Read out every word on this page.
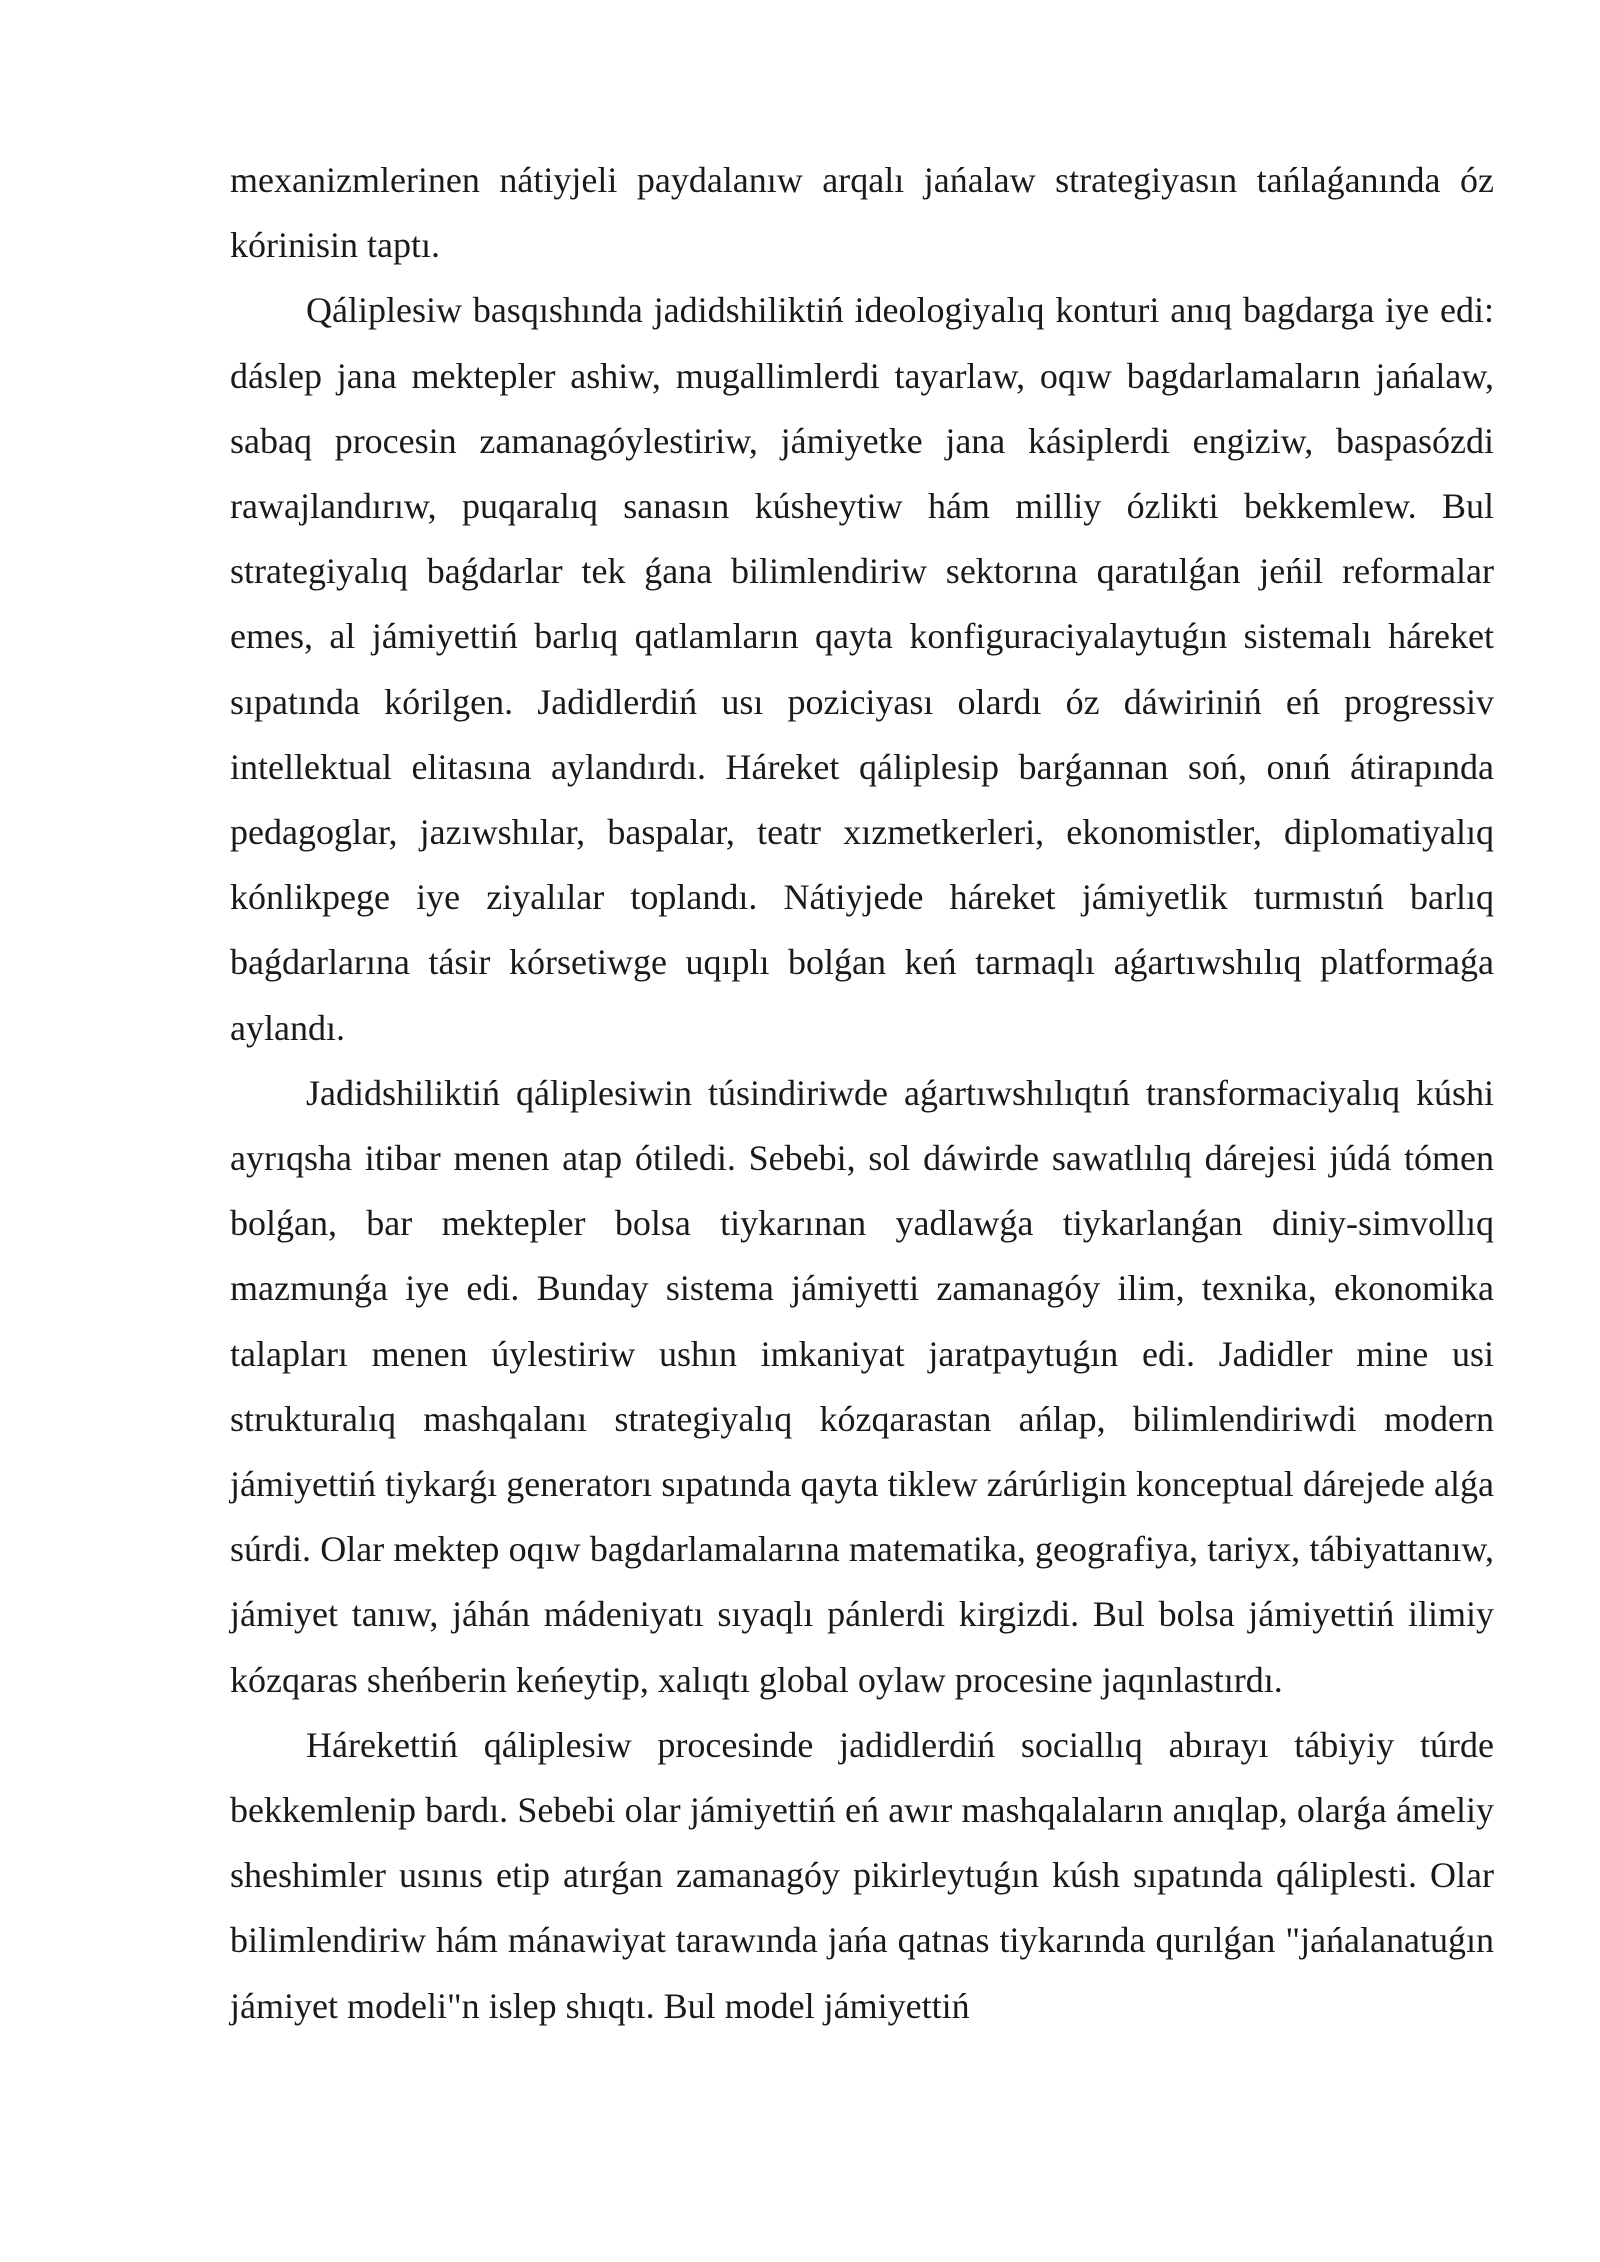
mexanizmlerinen nátiyjeli paydalanıw arqalı jańalaw strategiyasın tańlaǵanında óz kórinisin taptı.

Qáliplesiw basqıshında jadidshiliktiń ideologiyalıq konturi anıq bagdarga iye edi: dáslep jana mektepler ashiw, mugallimlerdi tayarlaw, oqıw bagdarlamaların jańalaw, sabaq procesin zamanagóylestiriw, jámiyetke jana kásiplerdi engiziw, baspasózdi rawajlandırıw, puqaralıq sanasın kúsheytiw hám milliy ózlikti bekkemlew. Bul strategiyalıq baǵdarlar tek ǵana bilimlendiriw sektorına qaratılǵan jeńil reformalar emes, al jámiyettiń barlıq qatlamların qayta konfiguraciyalaytuǵın sistemalı háreket sıpatında kórilgen. Jadidlerdiń usı poziciyası olardı óz dáwiriniń eń progressiv intellektual elitasına aylandırdı. Háreket qáliplesip barǵannan soń, onıń átirapında pedagoglar, jazıwshılar, baspalar, teatr xızmetkerleri, ekonomistler, diplomatiyalıq kónlikpege iye ziyalılar toplandı. Nátiyjede háreket jámiyetlik turmıstıń barlıq baǵdarlarına tásir kórsetiwge uqıplı bolǵan keń tarmaqlı aǵartıwshılıq platformaǵa aylandı.

Jadidshiliktiń qáliplesiwin túsindiriwde aǵartıwshılıqtıń transformaciyalıq kúshi ayrıqsha itibar menen atap ótiledi. Sebebi, sol dáwirde sawatlılıq dárejesi júdá tómen bolǵan, bar mektepler bolsa tiykarınan yadlawǵa tiykarlanǵan diniy-simvollıq mazmunǵa iye edi. Bunday sistema jámiyetti zamanagóy ilim, texnika, ekonomika talapları menen úylestiriw ushın imkaniyat jaratpaytuǵın edi. Jadidler mine usi strukturalıq mashqalanı strategiyalıq kózqarastan ańlap, bilimlendiriwdi modern jámiyettiń tiykarǵı generatorı sıpatında qayta tiklew zárúrligin konceptual dárejede alǵa súrdi. Olar mektep oqıw bagdarlamalarına matematika, geografiya, tariyx, tábiyattanıw, jámiyet tanıw, jáhán mádeniyatı sıyaqlı pánlerdi kirgizdi. Bul bolsa jámiyettiń ilimiy kózqaras sheńberin keńeytip, xalıqtı global oylaw procesine jaqınlastırdı.

Hárekettiń qáliplesiw procesinde jadidlerdiń sociallıq abırayı tábiyiy túrde bekkemlenip bardı. Sebebi olar jámiyettiń eń awır mashqalaların anıqlap, olarǵa ámeliy sheshimler usınıs etip atırǵan zamanagóy pikirleytuǵın kúsh sıpatında qáliplesti. Olar bilimlendiriw hám mánawiyat tarawında jańa qatnas tiykarında qurılǵan "jańalanatuǵın jámiyet modeli"n islep shıqtı. Bul model jámiyettiń
